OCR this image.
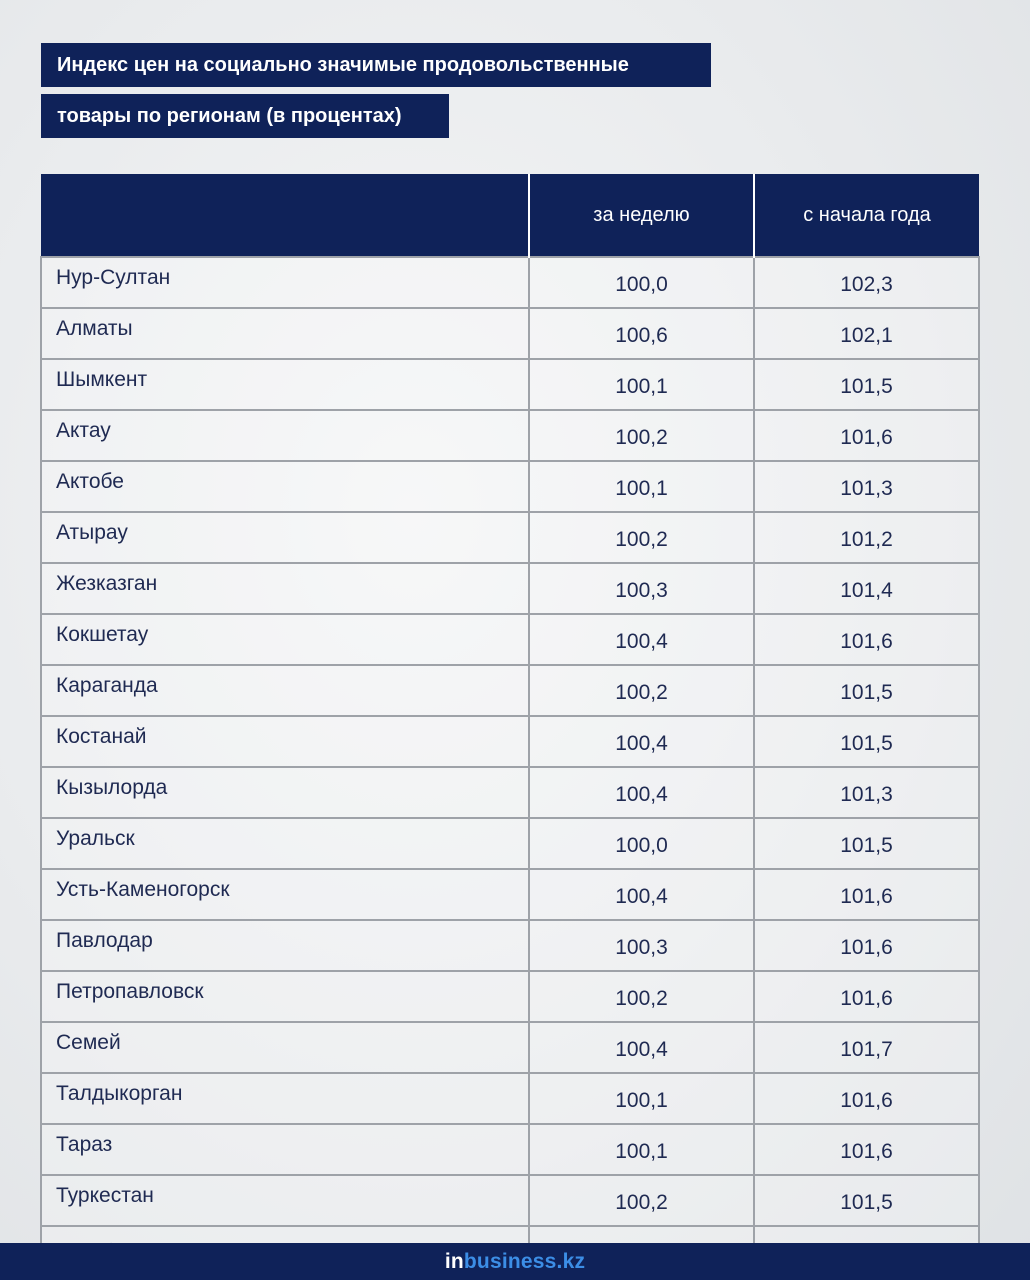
Индекс цен на социально значимые продовольственные
товары по регионам (в процентах)
	за неделю	с начала года
Нур-Султан	100,0	102,3
Алматы	100,6	102,1
Шымкент	100,1	101,5
Актау	100,2	101,6
Актобе	100,1	101,3
Атырау	100,2	101,2
Жезказган	100,3	101,4
Кокшетау	100,4	101,6
Караганда	100,2	101,5
Костанай	100,4	101,5
Кызылорда	100,4	101,3
Уральск	100,0	101,5
Усть-Каменогорск	100,4	101,6
Павлодар	100,3	101,6
Петропавловск	100,2	101,6
Семей	100,4	101,7
Талдыкорган	100,1	101,6
Тараз	100,1	101,6
Туркестан	100,2	101,5

inbusiness.kz
